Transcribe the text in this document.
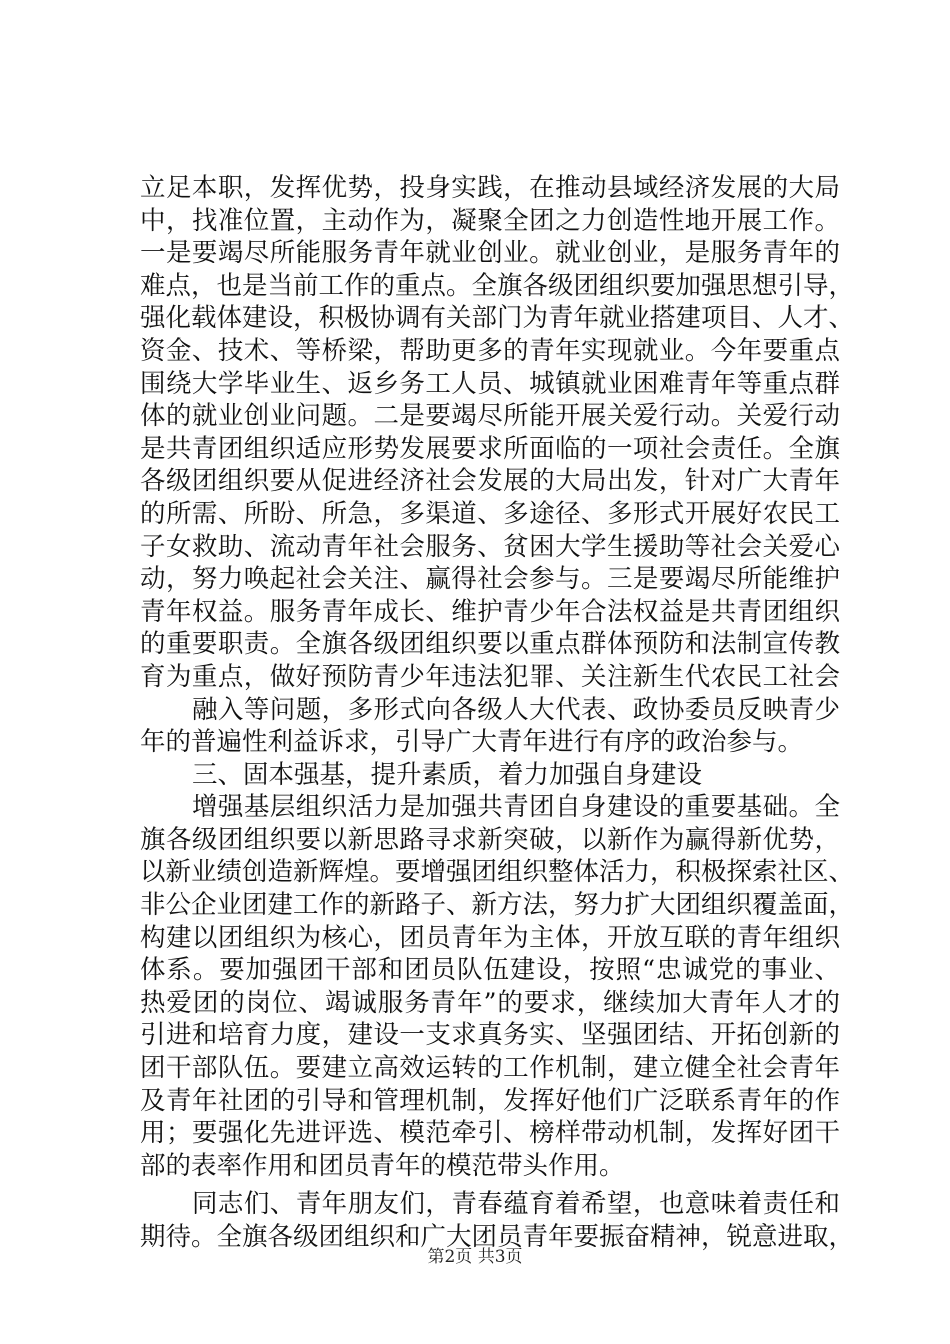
立足本职，发挥优势，投身实践，在推动县域经济发展的大局
中，找准位置，主动作为，凝聚全团之力创造性地开展工作。
一是要竭尽所能服务青年就业创业。就业创业，是服务青年的
难点，也是当前工作的重点。全旗各级团组织要加强思想引导，
强化载体建设，积极协调有关部门为青年就业搭建项目、人才、
资金、技术、等桥梁，帮助更多的青年实现就业。今年要重点
围绕大学毕业生、返乡务工人员、城镇就业困难青年等重点群
体的就业创业问题。二是要竭尽所能开展关爱行动。关爱行动
是共青团组织适应形势发展要求所面临的一项社会责任。全旗
各级团组织要从促进经济社会发展的大局出发，针对广大青年
的所需、所盼、所急，多渠道、多途径、多形式开展好农民工
子女救助、流动青年社会服务、贫困大学生援助等社会关爱心
动，努力唤起社会关注、赢得社会参与。三是要竭尽所能维护
青年权益。服务青年成长、维护青少年合法权益是共青团组织
的重要职责。全旗各级团组织要以重点群体预防和法制宣传教
育为重点，做好预防青少年违法犯罪、关注新生代农民工社会
融入等问题，多形式向各级人大代表、政协委员反映青少
年的普遍性利益诉求，引导广大青年进行有序的政治参与。
三、固本强基，提升素质，着力加强自身建设
增强基层组织活力是加强共青团自身建设的重要基础。全
旗各级团组织要以新思路寻求新突破，以新作为赢得新优势，
以新业绩创造新辉煌。要增强团组织整体活力，积极探索社区、
非公企业团建工作的新路子、新方法，努力扩大团组织覆盖面，
构建以团组织为核心，团员青年为主体，开放互联的青年组织
体系。要加强团干部和团员队伍建设，按照“忠诚党的事业、
热爱团的岗位、竭诚服务青年”的要求，继续加大青年人才的
引进和培育力度，建设一支求真务实、坚强团结、开拓创新的
团干部队伍。要建立高效运转的工作机制，建立健全社会青年
及青年社团的引导和管理机制，发挥好他们广泛联系青年的作
用；要强化先进评选、模范牵引、榜样带动机制，发挥好团干
部的表率作用和团员青年的模范带头作用。
同志们、青年朋友们，青春蕴育着希望，也意味着责任和
期待。全旗各级团组织和广大团员青年要振奋精神，锐意进取，
第2页 共3页
